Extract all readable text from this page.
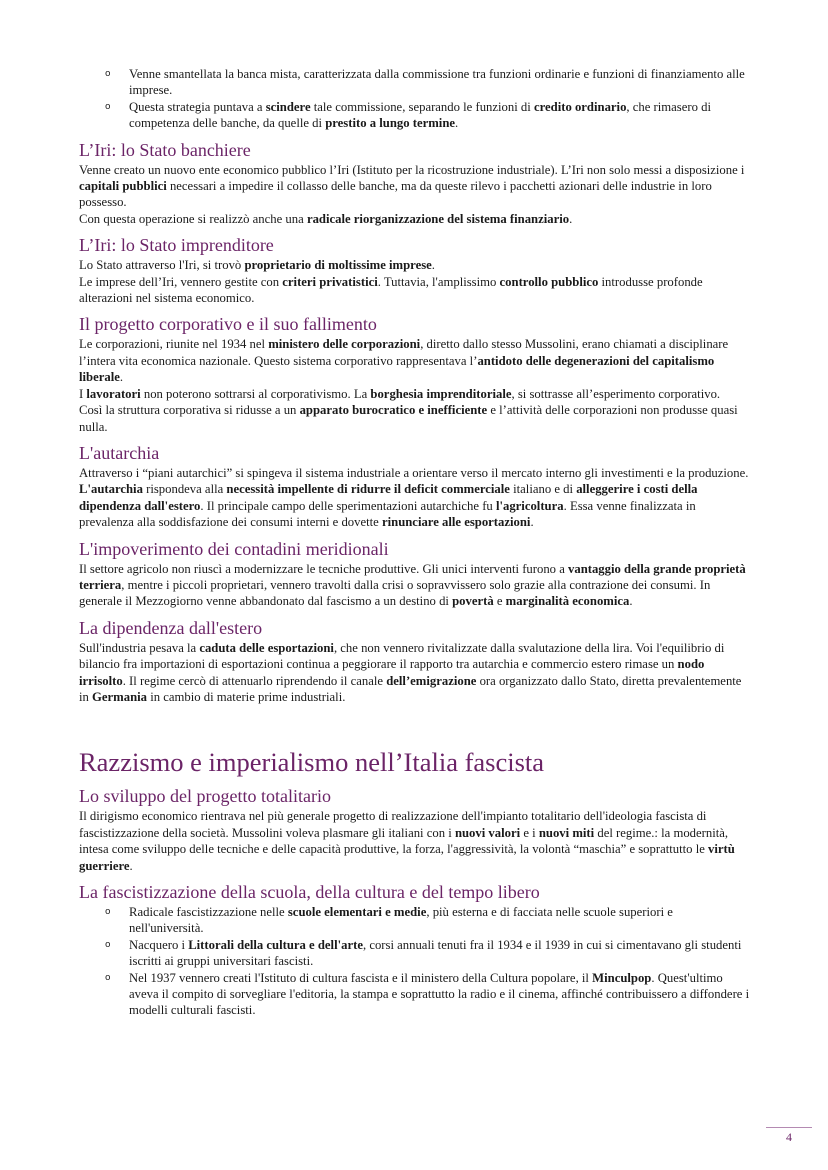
o Venne smantellata la banca mista, caratterizzata dalla commissione tra funzioni ordinarie e funzioni di finanziamento alle imprese.
o Questa strategia puntava a scindere tale commissione, separando le funzioni di credito ordinario, che rimasero di competenza delle banche, da quelle di prestito a lungo termine.
L’Iri: lo Stato banchiere

Venne creato un nuovo ente economico pubblico l’Iri (Istituto per la ricostruzione industriale). L’Iri non solo messi a disposizione i capitali pubblici necessari a impedire il collasso delle banche, ma da queste rilevo i pacchetti azionari delle industrie in loro possesso.

Con questa operazione si realizzò anche una radicale riorganizzazione del sistema finanziario.

L’Iri: lo Stato imprenditore

Lo Stato attraverso l'Iri, si trovò proprietario di moltissime imprese.

Le imprese dell’Iri, vennero gestite con criteri privatistici. Tuttavia, l'amplissimo controllo pubblico introdusse profonde alterazioni nel sistema economico.

Il progetto corporativo e il suo fallimento

Le corporazioni, riunite nel 1934 nel ministero delle corporazioni, diretto dallo stesso Mussolini, erano chiamati a disciplinare l’intera vita economica nazionale. Questo sistema corporativo rappresentava l’antidoto delle degenerazioni del capitalismo liberale.

I lavoratori non poterono sottrarsi al corporativismo. La borghesia imprenditoriale, si sottrasse all’esperimento corporativo.

Così la struttura corporativa si ridusse a un apparato burocratico e inefficiente e l’attività delle corporazioni non produsse quasi nulla.

L'autarchia

Attraverso i “piani autarchici” si spingeva il sistema industriale a orientare verso il mercato interno gli investimenti e la produzione. L'autarchia rispondeva alla necessità impellente di ridurre il deficit commerciale italiano e di alleggerire i costi della dipendenza dall'estero. Il principale campo delle sperimentazioni autarchiche fu l'agricoltura. Essa venne finalizzata in prevalenza alla soddisfazione dei consumi interni e dovette rinunciare alle esportazioni.

L'impoverimento dei contadini meridionali

Il settore agricolo non riuscì a modernizzare le tecniche produttive. Gli unici interventi furono a vantaggio della grande proprietà terriera, mentre i piccoli proprietari, vennero travolti dalla crisi o sopravvissero solo grazie alla contrazione dei consumi. In generale il Mezzogiorno venne abbandonato dal fascismo a un destino di povertà e marginalità economica.

La dipendenza dall'estero

Sull'industria pesava la caduta delle esportazioni, che non vennero rivitalizzate dalla svalutazione della lira. Voi l'equilibrio di bilancio fra importazioni di esportazioni continua a peggiorare il rapporto tra autarchia e commercio estero rimase un nodo irrisolto. Il regime cercò di attenuarlo riprendendo il canale dell’emigrazione ora organizzato dallo Stato, diretta prevalentemente in Germania in cambio di materie prime industriali.

Razzismo e imperialismo nell’Italia fascista
Lo sviluppo del progetto totalitario

Il dirigismo economico rientrava nel più generale progetto di realizzazione dell'impianto totalitario dell'ideologia fascista di fascistizzazione della società. Mussolini voleva plasmare gli italiani con i nuovi valori e i nuovi miti del regime.: la modernità, intesa come sviluppo delle tecniche e delle capacità produttive, la forza, l'aggressività, la volontà “maschia” e soprattutto le virtù guerriere.

La fascistizzazione della scuola, della cultura e del tempo libero
o Radicale fascistizzazione nelle scuole elementari e medie, più esterna e di facciata nelle scuole superiori e nell'università.
o Nacquero i Littorali della cultura e dell'arte, corsi annuali tenuti fra il 1934 e il 1939 in cui si cimentavano gli studenti iscritti ai gruppi universitari fascisti.
o Nel 1937 vennero creati l'Istituto di cultura fascista e il ministero della Cultura popolare, il Minculpop. Quest'ultimo aveva il compito di sorvegliare l'editoria, la stampa e soprattutto la radio e il cinema, affinché contribuissero a diffondere i modelli culturali fascisti.
4
